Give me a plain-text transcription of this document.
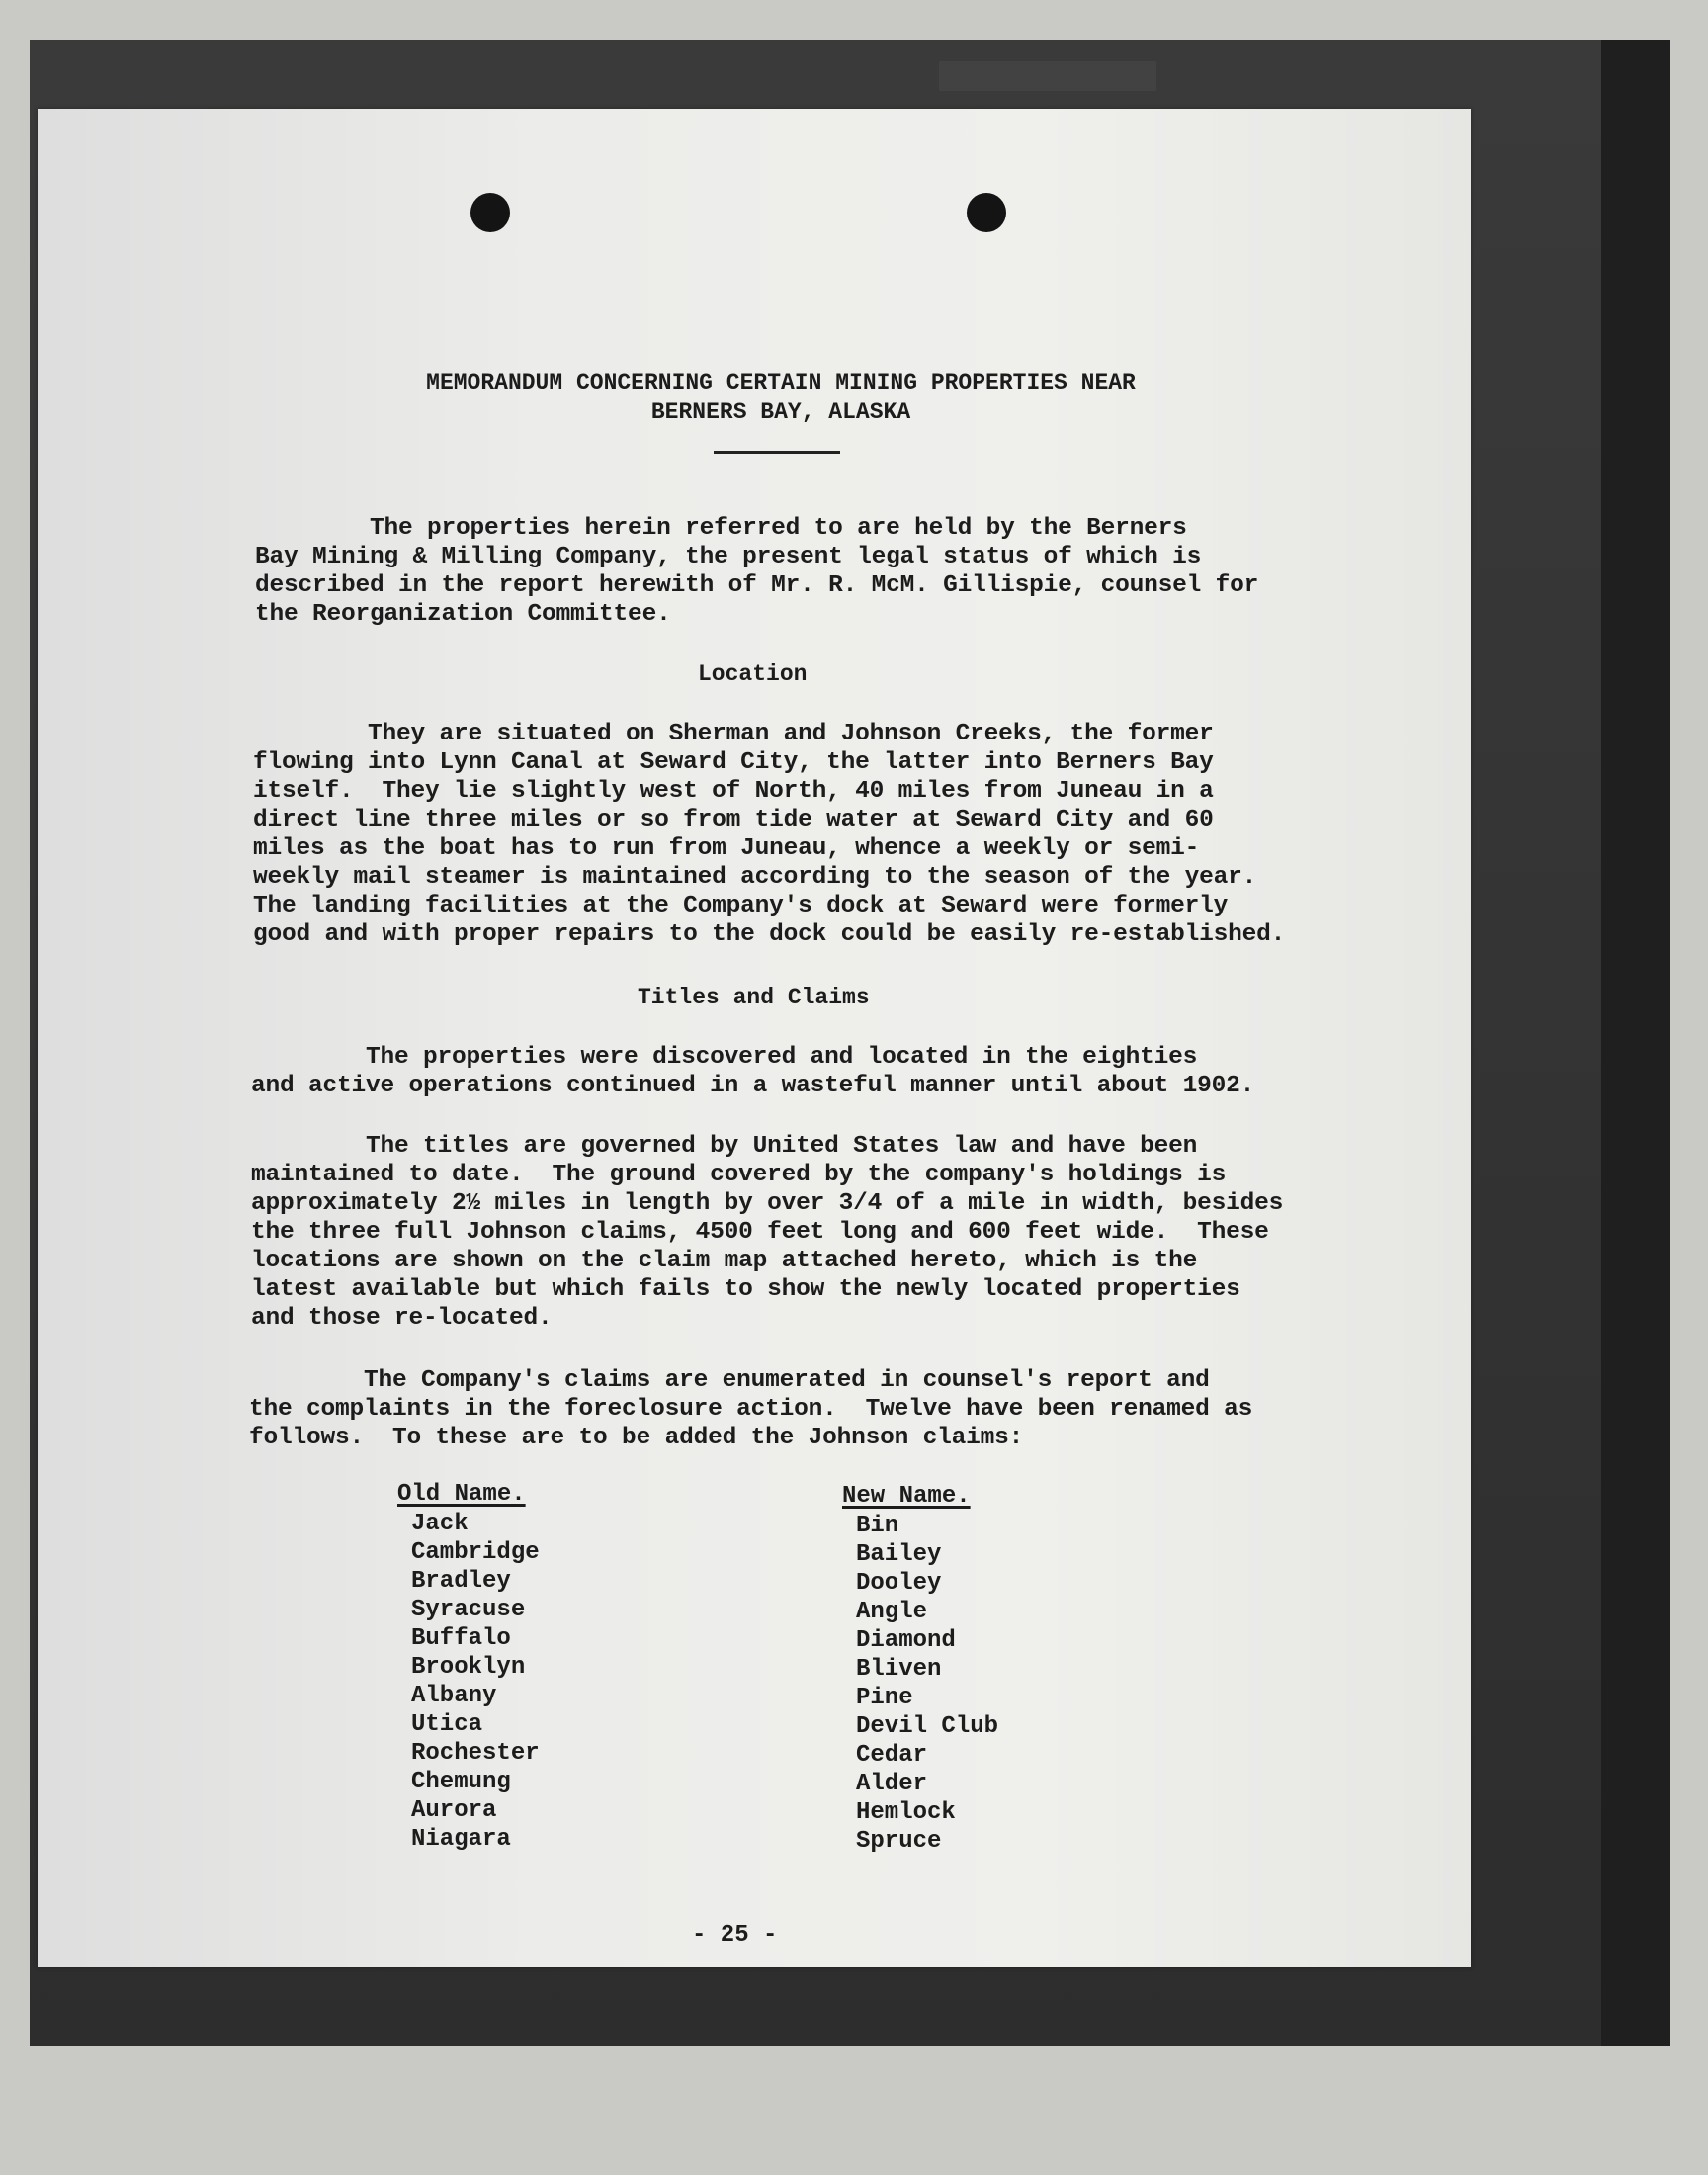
MEMORANDUM CONCERNING CERTAIN MINING PROPERTIES NEAR
BERNERS BAY, ALASKA
The properties herein referred to are held by the Berners
Bay Mining & Milling Company, the present legal status of which is
described in the report herewith of Mr. R. McM. Gillispie, counsel for
the Reorganization Committee.
Location
They are situated on Sherman and Johnson Creeks, the former
flowing into Lynn Canal at Seward City, the latter into Berners Bay
itself.  They lie slightly west of North, 40 miles from Juneau in a
direct line three miles or so from tide water at Seward City and 60
miles as the boat has to run from Juneau, whence a weekly or semi-
weekly mail steamer is maintained according to the season of the year.
The landing facilities at the Company's dock at Seward were formerly
good and with proper repairs to the dock could be easily re-established.
Titles and Claims
The properties were discovered and located in the eighties
and active operations continued in a wasteful manner until about 1902.
The titles are governed by United States law and have been
maintained to date.  The ground covered by the company's holdings is
approximately 2½ miles in length by over 3/4 of a mile in width, besides
the three full Johnson claims, 4500 feet long and 600 feet wide.  These
locations are shown on the claim map attached hereto, which is the
latest available but which fails to show the newly located properties
and those re-located.
The Company's claims are enumerated in counsel's report and
the complaints in the foreclosure action.  Twelve have been renamed as
follows.  To these are to be added the Johnson claims:
Old Name.
Jack
Cambridge
Bradley
Syracuse
Buffalo
Brooklyn
Albany
Utica
Rochester
Chemung
Aurora
Niagara
New Name.
Bin
Bailey
Dooley
Angle
Diamond
Bliven
Pine
Devil Club
Cedar
Alder
Hemlock
Spruce
- 25 -
